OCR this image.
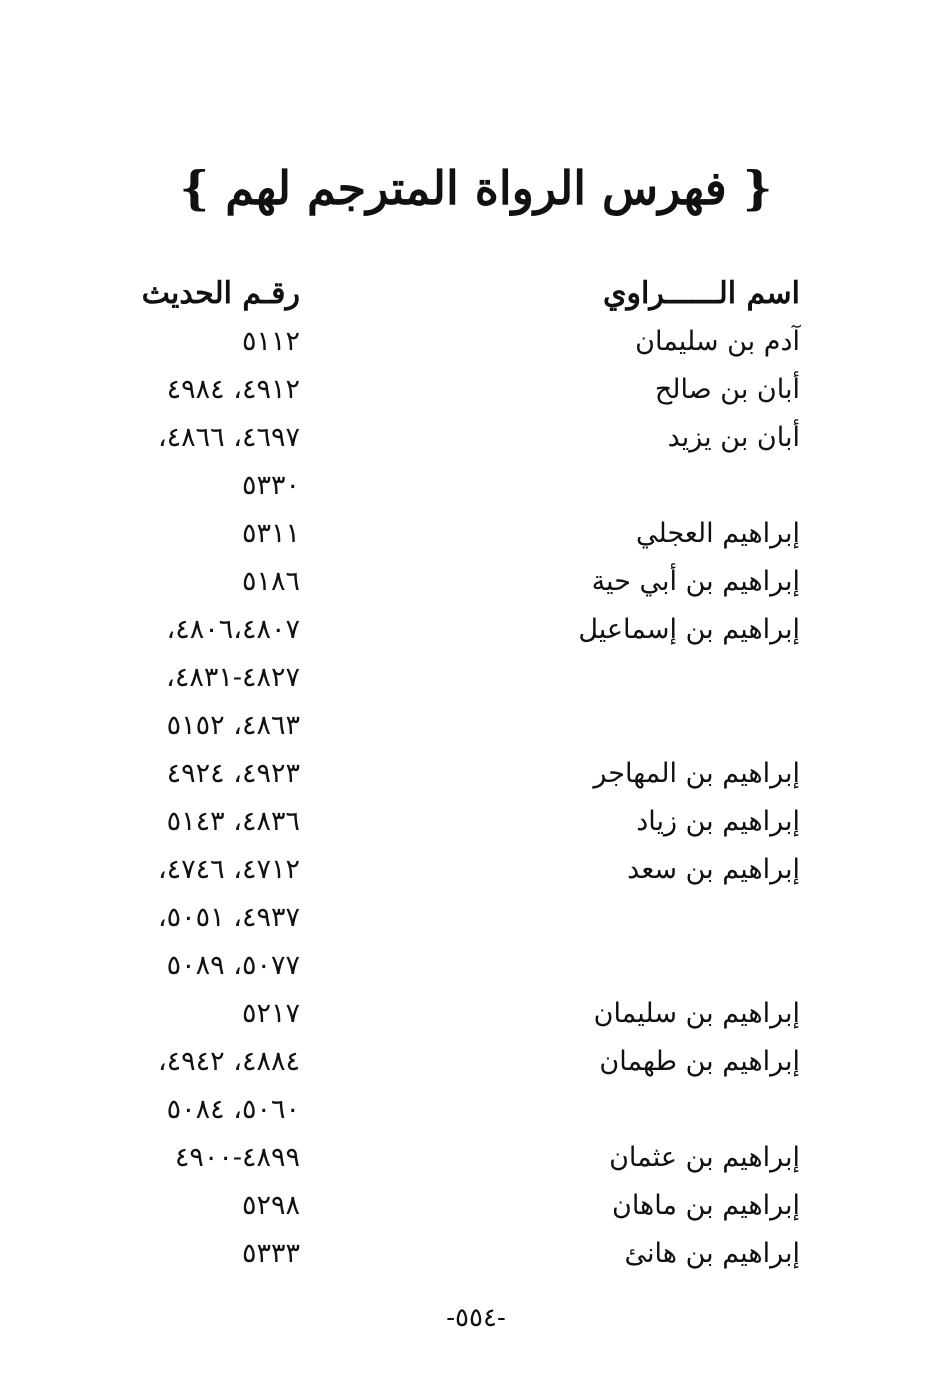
{ فهرس الرواة المترجم لهم }
اسم الــــــراوي
رقـم الحديث
آدم بن سليمان
٥١١٢
أبان بن صالح
٤٩١٢، ٤٩٨٤
أبان بن يزيد
٤٦٩٧، ٤٨٦٦،
٥٣٣٠
إبراهيم العجلي
٥٣١١
إبراهيم بن أبي حية
٥١٨٦
إبراهيم بن إسماعيل
٤٨٠٦،٤٨٠٧،
٤٨٢٧-٤٨٣١،
٤٨٦٣، ٥١٥٢
إبراهيم بن المهاجر
٤٩٢٣، ٤٩٢٤
إبراهيم بن زياد
٤٨٣٦، ٥١٤٣
إبراهيم بن سعد
٤٧١٢، ٤٧٤٦،
٤٩٣٧، ٥٠٥١،
٥٠٧٧، ٥٠٨٩
إبراهيم بن سليمان
٥٢١٧
إبراهيم بن طهمان
٤٨٨٤، ٤٩٤٢،
٥٠٦٠، ٥٠٨٤
إبراهيم بن عثمان
٤٨٩٩-٤٩٠٠
إبراهيم بن ماهان
٥٢٩٨
إبراهيم بن هانئ
٥٣٣٣
-٥٥٤-
